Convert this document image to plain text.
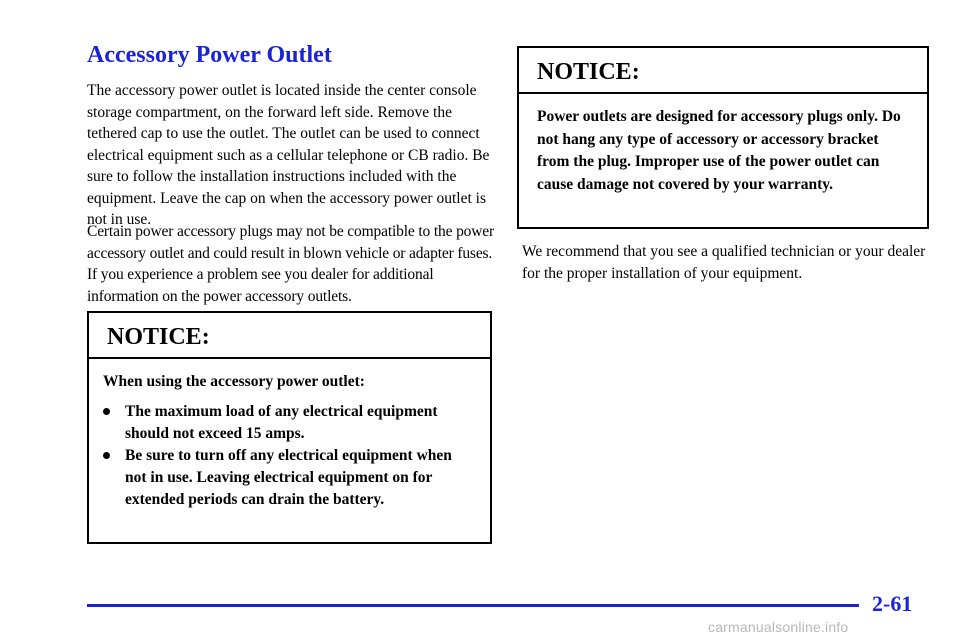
Accessory Power Outlet

The accessory power outlet is located inside the center console storage compartment, on the forward left side. Remove the tethered cap to use the outlet. The outlet can be used to connect electrical equipment such as a cellular telephone or CB radio. Be sure to follow the installation instructions included with the equipment. Leave the cap on when the accessory power outlet is not in use.

Certain power accessory plugs may not be compatible to the power accessory outlet and could result in blown vehicle or adapter fuses. If you experience a problem see you dealer for additional information on the power accessory outlets.

NOTICE:

When using the accessory power outlet:

The maximum load of any electrical equipment should not exceed 15 amps.
Be sure to turn off any electrical equipment when not in use. Leaving electrical equipment on for extended periods can drain the battery.
NOTICE:
Power outlets are designed for accessory plugs only. Do not hang any type of accessory or accessory bracket from the plug. Improper use of the power outlet can cause damage not covered by your warranty.

We recommend that you see a qualified technician or your dealer for the proper installation of your equipment.

2-61

carmanualsonline.info
